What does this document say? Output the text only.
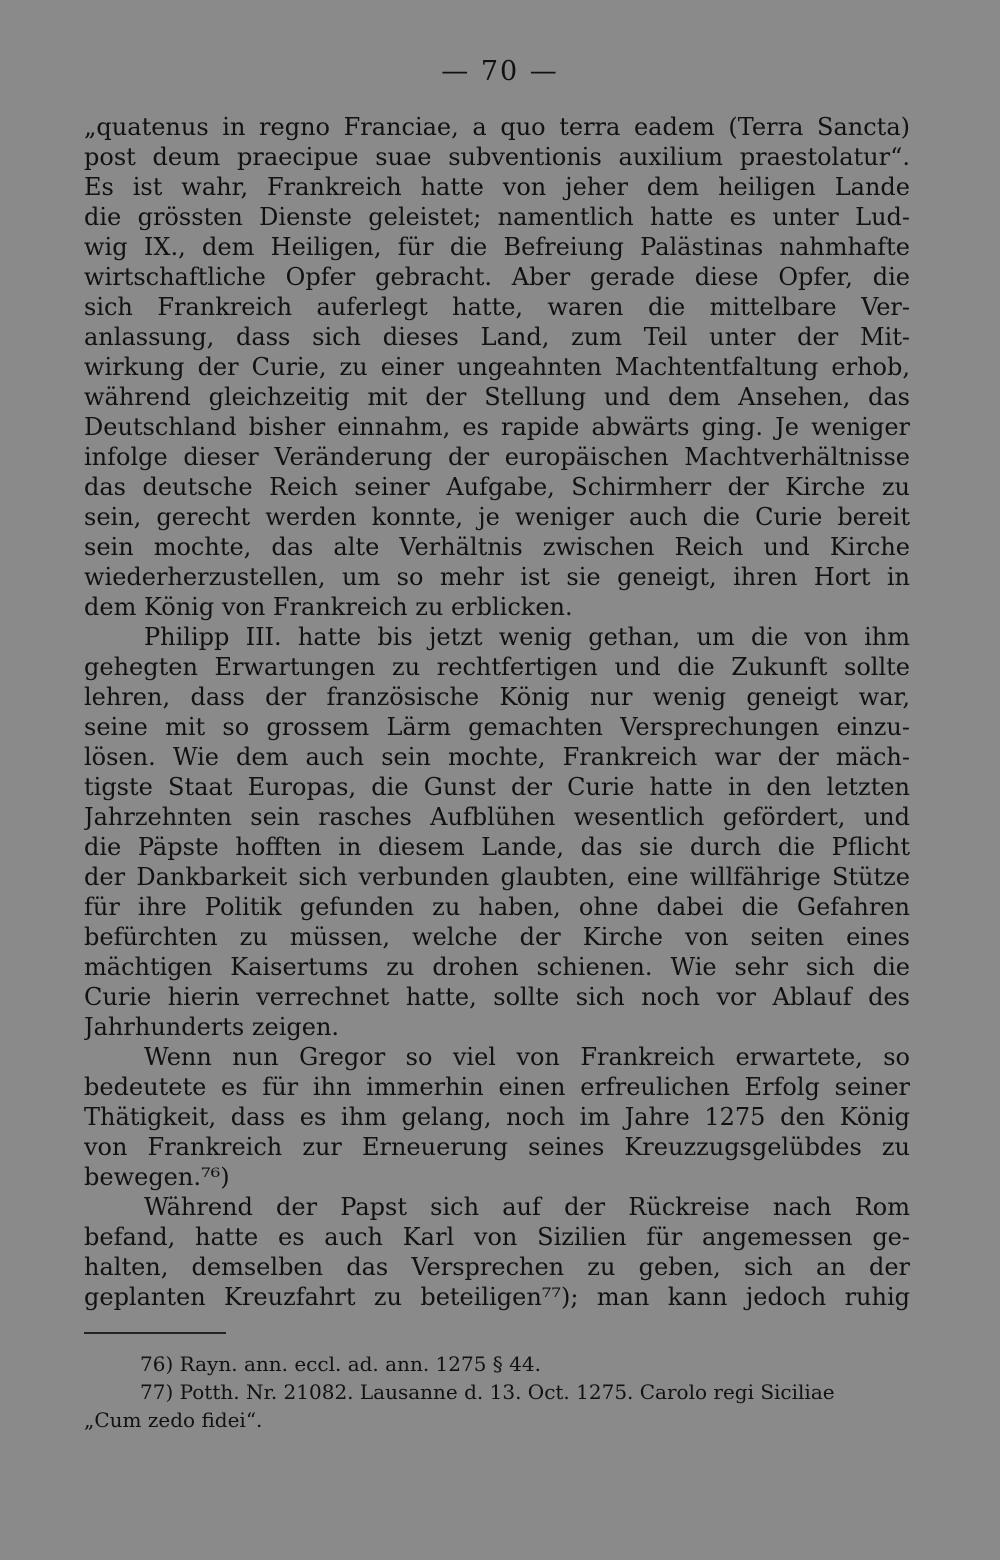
— 70 —
„quatenus in regno Franciae, a quo terra eadem (Terra Sancta)
post deum praecipue suae subventionis auxilium praestolatur“.
Es ist wahr, Frankreich hatte von jeher dem heiligen Lande
die grössten Dienste geleistet; namentlich hatte es unter Lud-
wig IX., dem Heiligen, für die Befreiung Palästinas nahmhafte
wirtschaftliche Opfer gebracht. Aber gerade diese Opfer, die
sich Frankreich auferlegt hatte, waren die mittelbare Ver-
anlassung, dass sich dieses Land, zum Teil unter der Mit-
wirkung der Curie, zu einer ungeahnten Machtentfaltung erhob,
während gleichzeitig mit der Stellung und dem Ansehen, das
Deutschland bisher einnahm, es rapide abwärts ging. Je weniger
infolge dieser Veränderung der europäischen Machtverhältnisse
das deutsche Reich seiner Aufgabe, Schirmherr der Kirche zu
sein, gerecht werden konnte, je weniger auch die Curie bereit
sein mochte, das alte Verhältnis zwischen Reich und Kirche
wiederherzustellen, um so mehr ist sie geneigt, ihren Hort in
dem König von Frankreich zu erblicken.
Philipp III. hatte bis jetzt wenig gethan, um die von ihm
gehegten Erwartungen zu rechtfertigen und die Zukunft sollte
lehren, dass der französische König nur wenig geneigt war,
seine mit so grossem Lärm gemachten Versprechungen einzu-
lösen. Wie dem auch sein mochte, Frankreich war der mäch-
tigste Staat Europas, die Gunst der Curie hatte in den letzten
Jahrzehnten sein rasches Aufblühen wesentlich gefördert, und
die Päpste hofften in diesem Lande, das sie durch die Pflicht
der Dankbarkeit sich verbunden glaubten, eine willfährige Stütze
für ihre Politik gefunden zu haben, ohne dabei die Gefahren
befürchten zu müssen, welche der Kirche von seiten eines
mächtigen Kaisertums zu drohen schienen. Wie sehr sich die
Curie hierin verrechnet hatte, sollte sich noch vor Ablauf des
Jahrhunderts zeigen.
Wenn nun Gregor so viel von Frankreich erwartete, so
bedeutete es für ihn immerhin einen erfreulichen Erfolg seiner
Thätigkeit, dass es ihm gelang, noch im Jahre 1275 den König
von Frankreich zur Erneuerung seines Kreuzzugsgelübdes zu
bewegen.⁷⁶)
Während der Papst sich auf der Rückreise nach Rom
befand, hatte es auch Karl von Sizilien für angemessen ge-
halten, demselben das Versprechen zu geben, sich an der
geplanten Kreuzfahrt zu beteiligen⁷⁷); man kann jedoch ruhig
76) Rayn. ann. eccl. ad. ann. 1275 § 44.
77) Potth. Nr. 21082. Lausanne d. 13. Oct. 1275. Carolo regi Siciliae
„Cum zedo fidei“.
